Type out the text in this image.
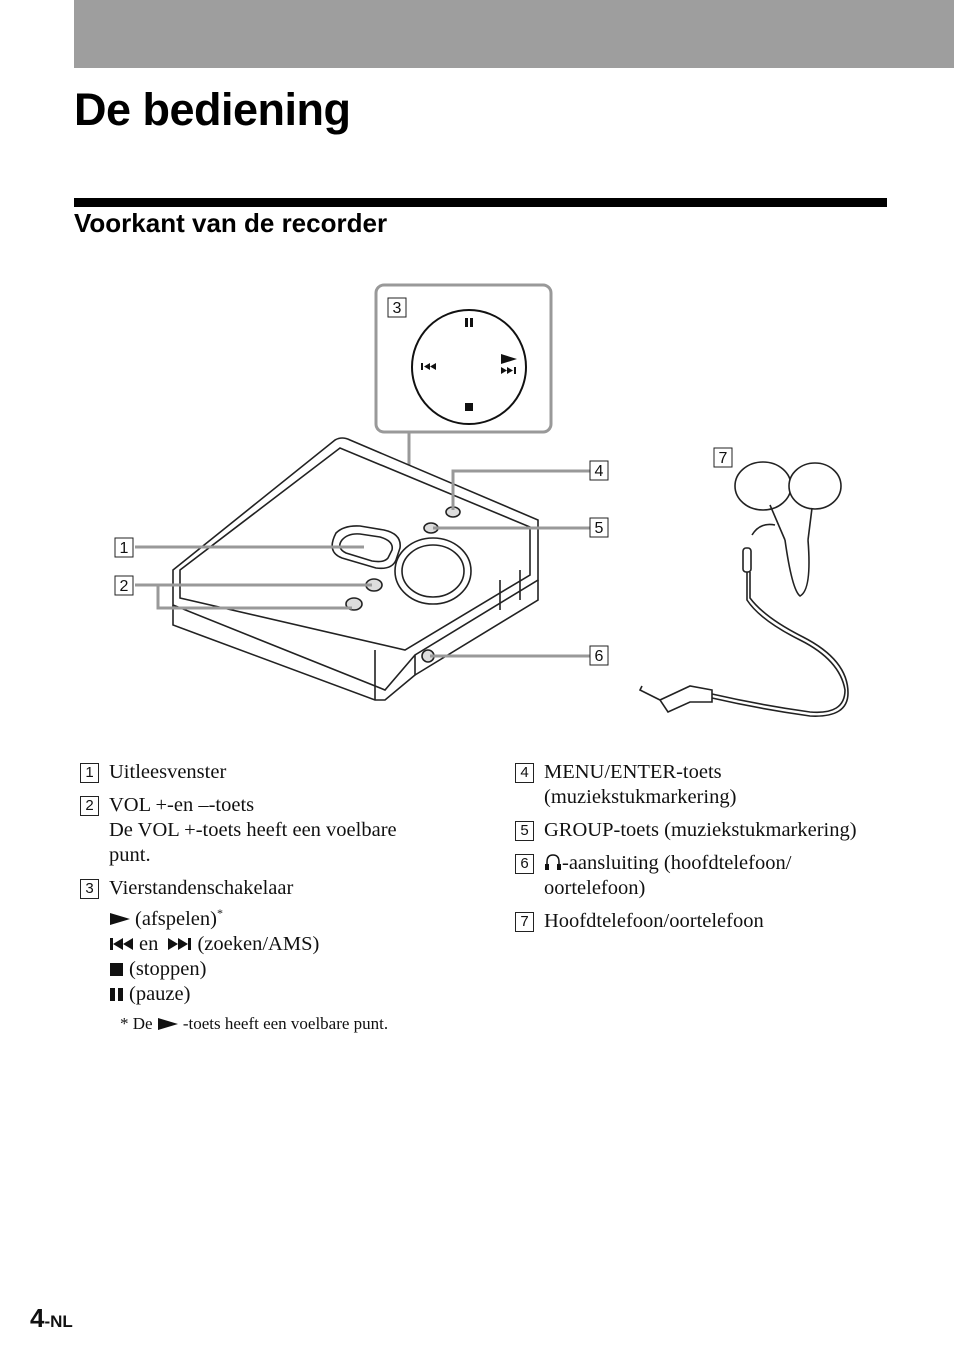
De bediening
Voorkant van de recorder
3
1
2
4
5
6
7
1 Uitleesvenster
2 VOL +-en –-toets
De VOL +-toets heeft een voelbare
punt.
3 Vierstandenschakelaar
(afspelen)*
en (zoeken/AMS)
(stoppen)
(pauze)
* De -toets heeft een voelbare punt.
4 MENU/ENTER-toets
(muziekstukmarkering)
5 GROUP-toets (muziekstukmarkering)
6	-aansluiting (hoofdtelefoon/
oortelefoon)
7 Hoofdtelefoon/oortelefoon
4-NL
